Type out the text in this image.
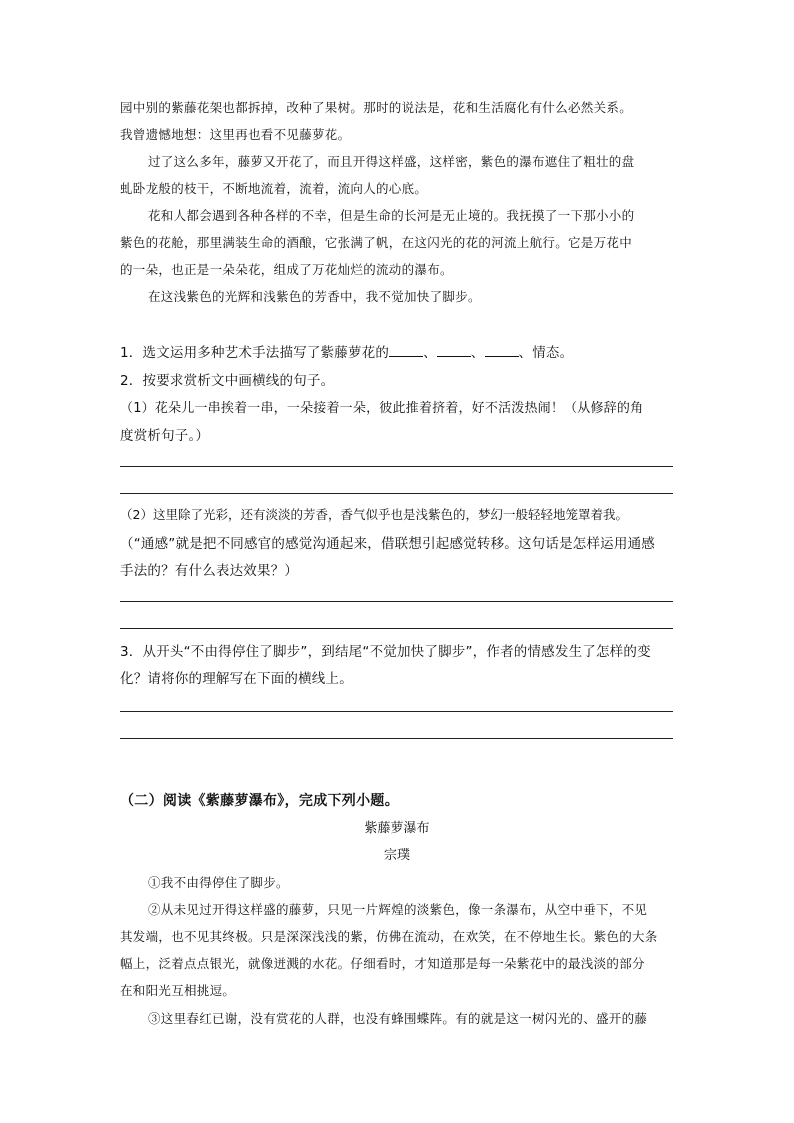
园中别的紫藤花架也都拆掉，改种了果树。那时的说法是，花和生活腐化有什么必然关系。
我曾遗憾地想：这里再也看不见藤萝花。
过了这么多年，藤萝又开花了，而且开得这样盛，这样密，紫色的瀑布遮住了粗壮的盘
虬卧龙般的枝干，不断地流着，流着，流向人的心底。
花和人都会遇到各种各样的不幸，但是生命的长河是无止境的。我抚摸了一下那小小的
紫色的花舱，那里满装生命的酒酿，它张满了帆，在这闪光的花的河流上航行。它是万花中
的一朵，也正是一朵朵花，组成了万花灿烂的流动的瀑布。
在这浅紫色的光辉和浅紫色的芳香中，我不觉加快了脚步。
1．选文运用多种艺术手法描写了紫藤萝花的	、	、	、情态。
2．按要求赏析文中画横线的句子。
（1）花朵儿一串挨着一串，一朵接着一朵，彼此推着挤着，好不活泼热闹！（从修辞的角
度赏析句子。）
（2）这里除了光彩，还有淡淡的芳香，香气似乎也是浅紫色的，梦幻一般轻轻地笼罩着我。
（“通感”就是把不同感官的感觉沟通起来，借联想引起感觉转移。这句话是怎样运用通感
手法的？有什么表达效果？）
3．从开头“不由得停住了脚步”，到结尾“不觉加快了脚步”，作者的情感发生了怎样的变
化？请将你的理解写在下面的横线上。
（二）阅读《紫藤萝瀑布》，完成下列小题。
紫藤萝瀑布
宗璞
①我不由得停住了脚步。
②从未见过开得这样盛的藤萝，只见一片辉煌的淡紫色，像一条瀑布，从空中垂下，不见
其发端，也不见其终极。只是深深浅浅的紫，仿佛在流动，在欢笑，在不停地生长。紫色的大条
幅上，泛着点点银光，就像迸溅的水花。仔细看时，才知道那是每一朵紫花中的最浅淡的部分
在和阳光互相挑逗。
③这里春红已谢，没有赏花的人群，也没有蜂围蝶阵。有的就是这一树闪光的、盛开的藤
